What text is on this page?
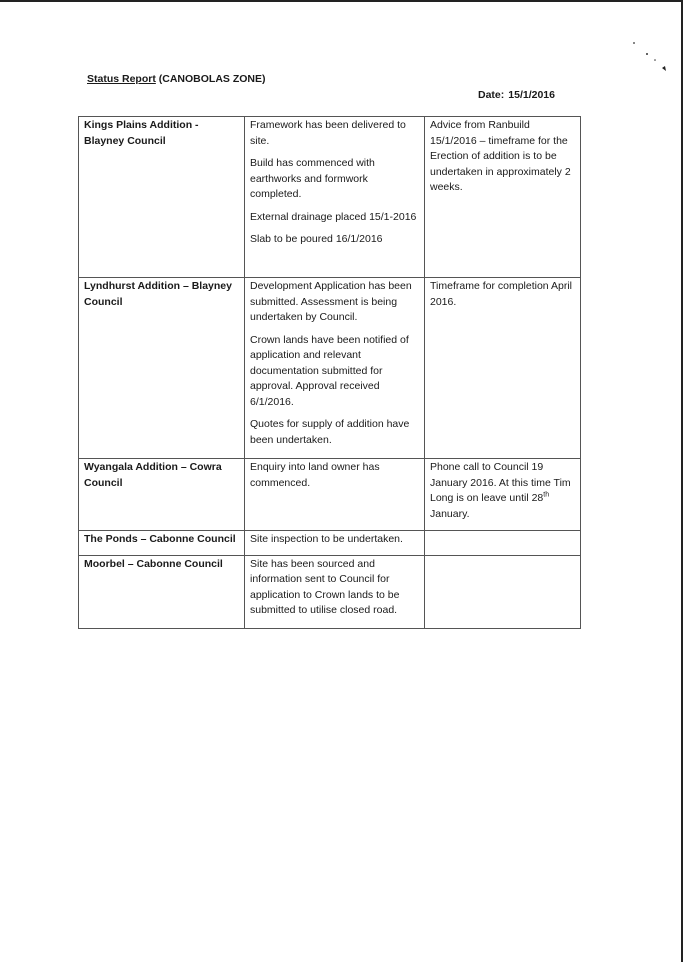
Status Report (CANOBOLAS ZONE)
Date: 15/1/2016
Kings Plains Addition - Blayney Council	Framework has been delivered to site.

Build has commenced with earthworks and formwork completed.

External drainage placed 15/1-2016

Slab to be poured 16/1/2016	Advice from Ranbuild 15/1/2016 – timeframe for the Erection of addition is to be undertaken in approximately 2 weeks.

Lyndhurst Addition – Blayney Council	Development Application has been submitted. Assessment is being undertaken by Council.

Crown lands have been notified of application and relevant documentation submitted for approval. Approval received 6/1/2016.

Quotes for supply of addition have been undertaken.	Timeframe for completion April 2016.

Wyangala Addition – Cowra Council	Enquiry into land owner has commenced.	Phone call to Council 19 January 2016. At this time Tim Long is on leave until 28th January.

The Ponds – Cabonne Council	Site inspection to be undertaken.	

Moorbel – Cabonne Council	Site has been sourced and information sent to Council for application to Crown lands to be submitted to utilise closed road.	
